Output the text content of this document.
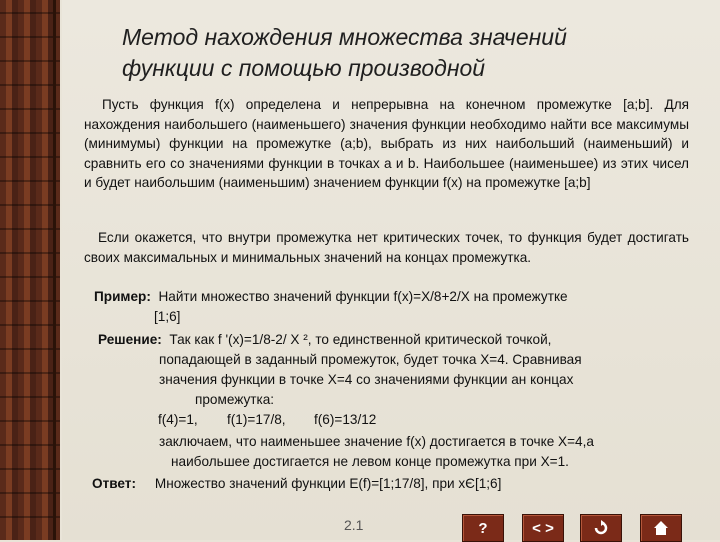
Метод нахождения множества значений
функции с помощью производной
Пусть функция f(x) определена и непрерывна на конечном промежутке [a;b]. Для нахождения наибольшего (наименьшего) значения функции необходимо найти все максимумы (минимумы) функции на промежутке (a;b), выбрать из них наибольший (наименьший) и сравнить его со значениями функции в точках a и b. Наибольшее (наименьшее) из этих чисел и будет наибольшим (наименьшим) значением функции f(x) на промежутке [a;b]
Если окажется, что внутри промежутка нет критических точек, то функция будет достигать своих максимальных и минимальных значений на концах промежутка.
Пример: Найти множество значений функции f(x)=X/8+2/X на промежутке
[1;6]
Решение: Так как f '(x)=1/8-2/ X ², то единственной критической точкой,
попадающей в заданный промежуток, будет точка X=4. Сравнивая
значения функции в точке X=4 со значениями функции ан концах
промежутка:
f(4)=1, f(1)=17/8, f(6)=13/12
заключаем, что наименьшее значение f(x) достигается в точке X=4,а
наибольшее достигается не левом конце промежутка при X=1.
Ответ: Множество значений функции E(f)=[1;17/8], при xЄ[1;6]
2.1	?	< >
